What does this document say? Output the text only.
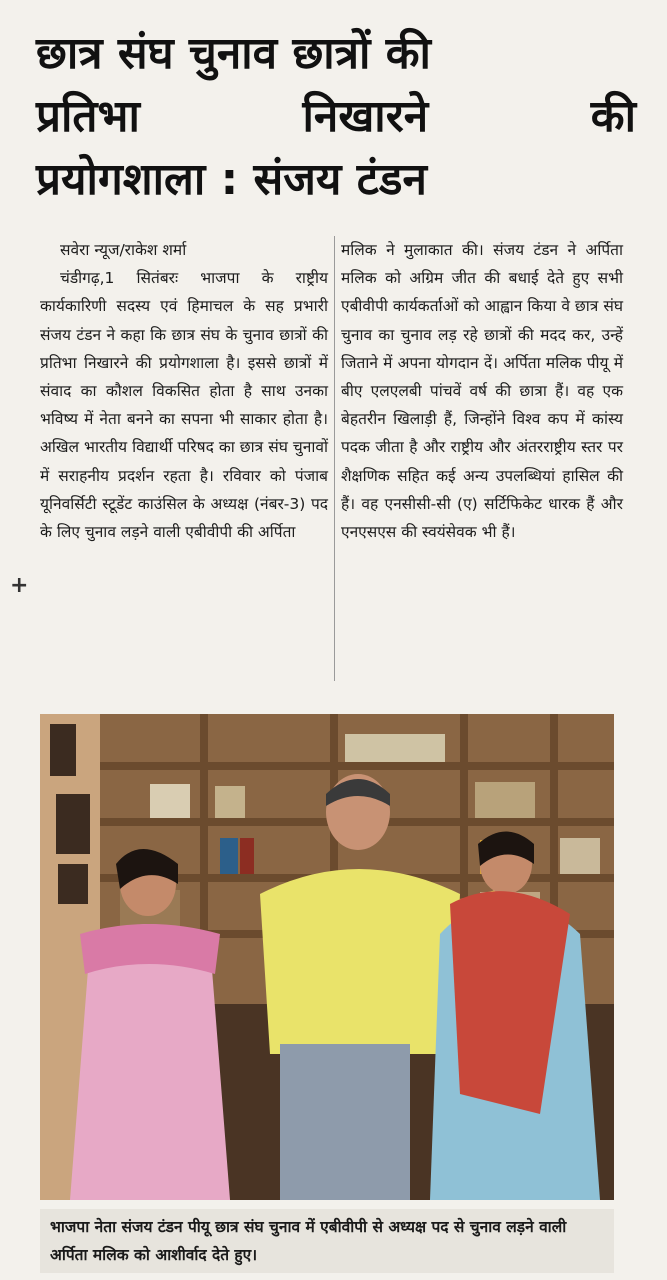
छात्र संघ चुनाव छात्रों की
प्रतिभा	निखारने	की
प्रयोगशाला : संजय टंडन
सवेरा न्यूज/राकेश शर्मा

चंडीगढ़,1 सितंबरः भाजपा के राष्ट्रीय कार्यकारिणी सदस्य एवं हिमाचल के सह प्रभारी संजय टंडन ने कहा कि छात्र संघ के चुनाव छात्रों की प्रतिभा निखारने की प्रयोगशाला है। इससे छात्रों में संवाद का कौशल विकसित होता है साथ उनका भविष्य में नेता बनने का सपना भी साकार होता है। अखिल भारतीय विद्यार्थी परिषद का छात्र संघ चुनावों में सराहनीय प्रदर्शन रहता है। रविवार को पंजाब यूनिवर्सिटी स्टूडेंट काउंसिल के अध्यक्ष (नंबर-3) पद के लिए चुनाव लड़ने वाली एबीवीपी की अर्पिता

मलिक ने मुलाकात की। संजय टंडन ने अर्पिता मलिक को अग्रिम जीत की बधाई देते हुए सभी एबीवीपी कार्यकर्ताओं को आह्वान किया वे छात्र संघ चुनाव का चुनाव लड़ रहे छात्रों की मदद कर, उन्हें जिताने में अपना योगदान दें। अर्पिता मलिक पीयू में बीए एलएलबी पांचवें वर्ष की छात्रा हैं। वह एक बेहतरीन खिलाड़ी हैं, जिन्होंने विश्व कप में कांस्य पदक जीता है और राष्ट्रीय और अंतरराष्ट्रीय स्तर पर शैक्षणिक सहित कई अन्य उपलब्धियां हासिल की हैं। वह एनसीसी-सी (ए) सर्टिफिकेट धारक हैं और एनएसएस की स्वयंसेवक भी हैं।

+
भाजपा नेता संजय टंडन पीयू छात्र संघ चुनाव में एबीवीपी से अध्यक्ष पद से चुनाव लड़ने वाली अर्पिता मलिक को आशीर्वाद देते हुए।
